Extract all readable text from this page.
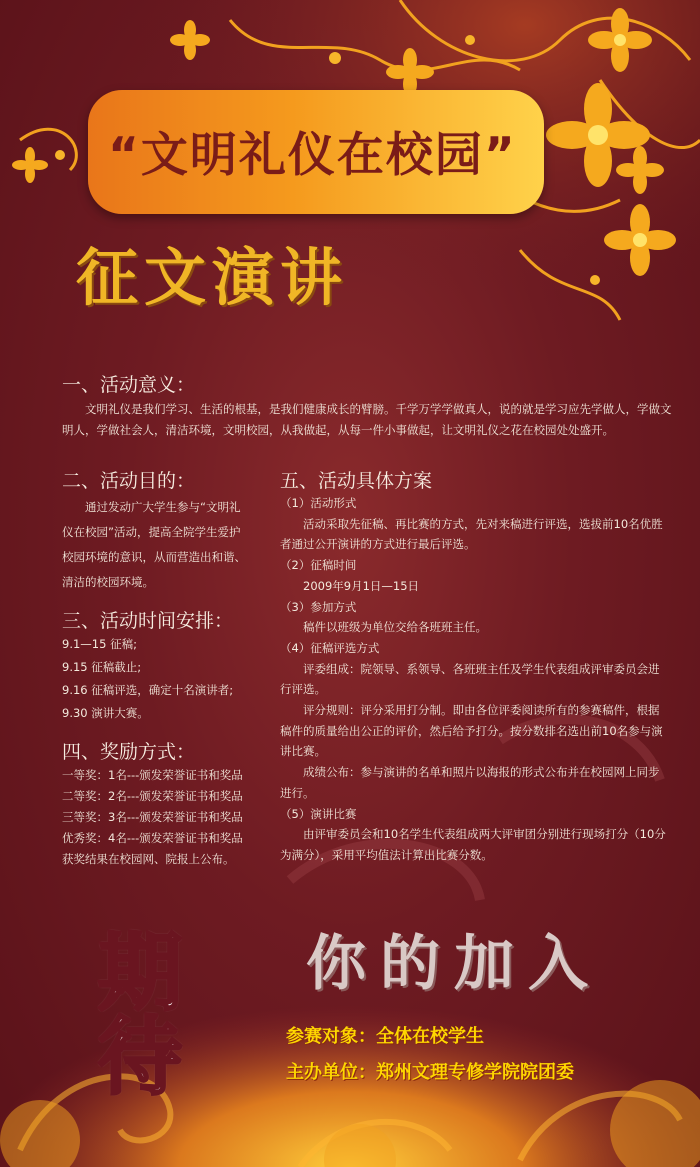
“文明礼仪在校园”
征文演讲
一、活动意义：
文明礼仪是我们学习、生活的根基，是我们健康成长的臂膀。千学万学学做真人，说的就是学习应先学做人，学做文
明人，学做社会人，清洁环境，文明校园，从我做起，从每一件小事做起，让文明礼仪之花在校园处处盛开。
二、活动目的：
通过发动广大学生参与“文明礼
仪在校园”活动，提高全院学生爱护
校园环境的意识，从而营造出和谐、
清洁的校园环境。
三、活动时间安排：
9.1—15 征稿;
9.15 征稿截止;
9.16 征稿评选，确定十名演讲者;
9.30 演讲大赛。
四、奖励方式：
一等奖：1名---颁发荣誉证书和奖品
二等奖：2名---颁发荣誉证书和奖品
三等奖：3名---颁发荣誉证书和奖品
优秀奖：4名---颁发荣誉证书和奖品
获奖结果在校园网、院报上公布。
五、活动具体方案
（1）活动形式
活动采取先征稿、再比赛的方式，先对来稿进行评选，选拔前10名优胜
者通过公开演讲的方式进行最后评选。
（2）征稿时间
2009年9月1日—15日
（3）参加方式
稿件以班级为单位交给各班班主任。
（4）征稿评选方式
评委组成：院领导、系领导、各班班主任及学生代表组成评审委员会进
行评选。
评分规则：评分采用打分制。即由各位评委阅读所有的参赛稿件，根据
稿件的质量给出公正的评价，然后给予打分。按分数排名选出前10名参与演
讲比赛。
成绩公布：参与演讲的名单和照片以海报的形式公布并在校园网上同步
进行。
（5）演讲比赛
由评审委员会和10名学生代表组成两大评审团分别进行现场打分（10分
为满分），采用平均值法计算出比赛分数。
期
待
你的加入
参赛对象：全体在校学生
主办单位：郑州文理专修学院院团委
